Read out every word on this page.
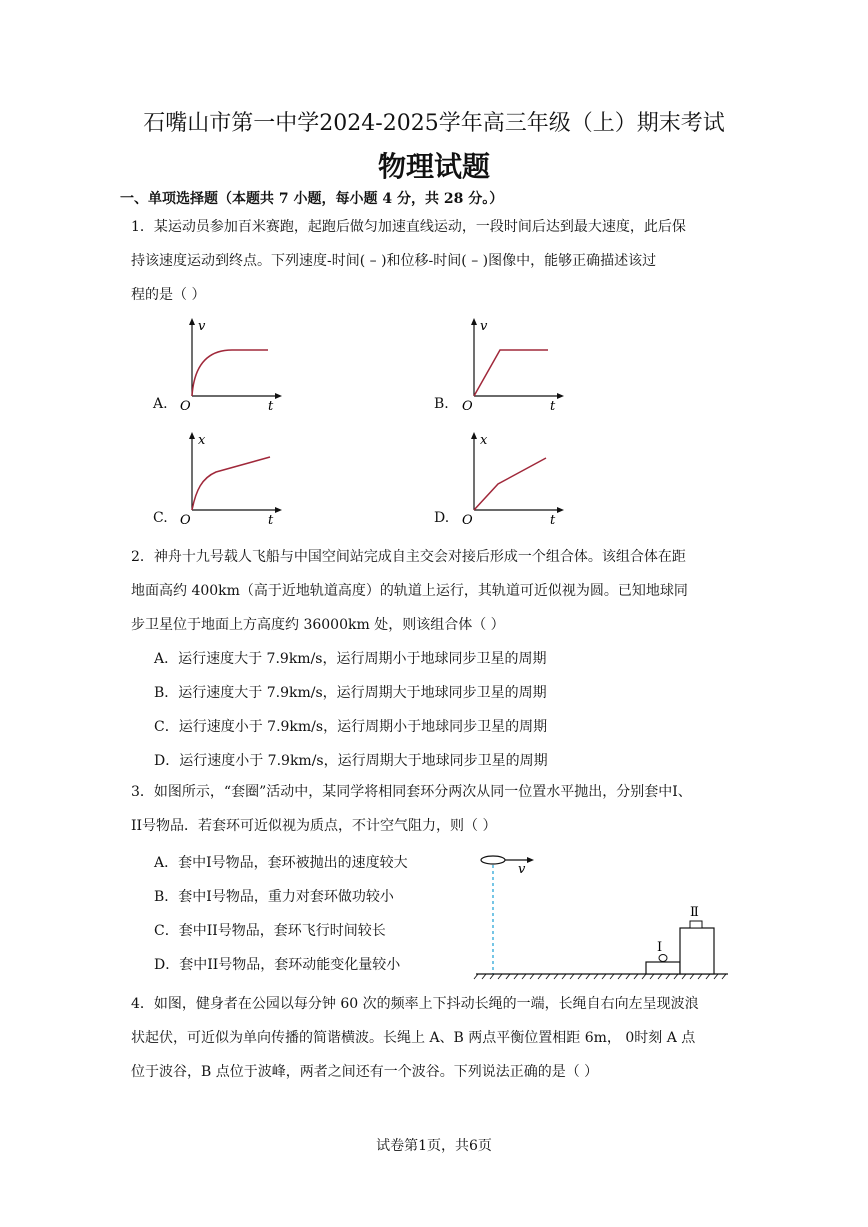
石嘴山市第一中学2024-2025学年高三年级（上）期末考试
物理试题
一、单项选择题（本题共 7 小题，每小题 4 分，共 28 分。）
1．某运动员参加百米赛跑，起跑后做匀加速直线运动，一段时间后达到最大速度，此后保
持该速度运动到终点。下列速度-时间( – )和位移-时间( – )图像中，能够正确描述该过
程的是（ ）
A.
v
O	t	B.
v
O	t
C.
x
O	t	D.
x
O	t
2．神舟十九号载人飞船与中国空间站完成自主交会对接后形成一个组合体。该组合体在距
地面高约 400km（高于近地轨道高度）的轨道上运行，其轨道可近似视为圆。已知地球同
步卫星位于地面上方高度约 36000km 处，则该组合体（ ）
A．运行速度大于 7.9km/s，运行周期小于地球同步卫星的周期
B．运行速度大于 7.9km/s，运行周期大于地球同步卫星的周期
C．运行速度小于 7.9km/s，运行周期小于地球同步卫星的周期
D．运行速度小于 7.9km/s，运行周期大于地球同步卫星的周期
3．如图所示，“套圈”活动中，某同学将相同套环分两次从同一位置水平抛出，分别套中I、
II号物品．若套环可近似视为质点，不计空气阻力，则（ ）
A．套中I号物品，套环被抛出的速度较大
B．套中I号物品，重力对套环做功较小
C．套中II号物品，套环飞行时间较长
D．套中II号物品，套环动能变化量较小
v
I
Ⅱ
4．如图，健身者在公园以每分钟 60 次的频率上下抖动长绳的一端，长绳自右向左呈现波浪
状起伏，可近似为单向传播的简谐横波。长绳上 A、B 两点平衡位置相距 6m， 0时刻 A 点
位于波谷，B 点位于波峰，两者之间还有一个波谷。下列说法正确的是（ ）
试卷第1页，共6页
